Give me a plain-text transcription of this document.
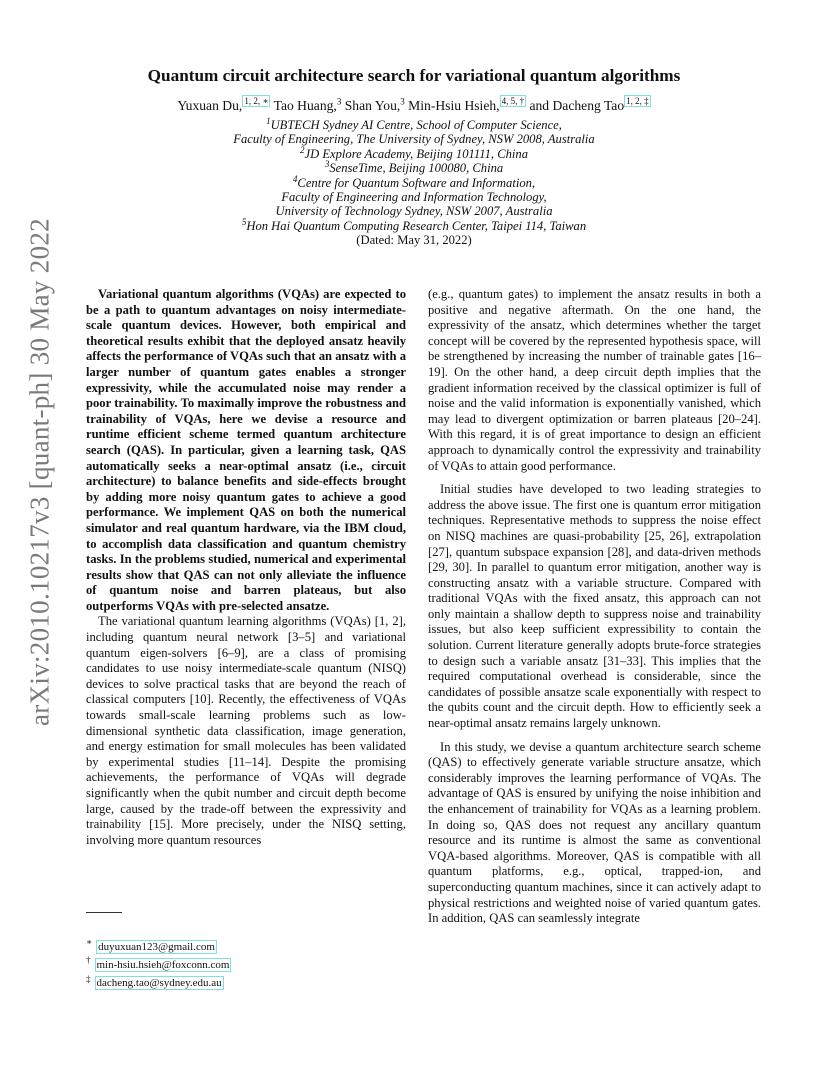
arXiv:2010.10217v3 [quant-ph] 30 May 2022
Quantum circuit architecture search for variational quantum algorithms
Yuxuan Du, $^{1, 2, ∗}$ Tao Huang,$^3$ Shan You,$^3$ Min-Hsiu Hsieh, $^{4, 5, \dagger}$ and Dacheng Tao $^{1, 2, \ddagger}$
$^1$UBTECH Sydney AI Centre, School of Computer Science,
Faculty of Engineering, The University of Sydney, NSW 2008, Australia
$^2$JD Explore Academy, Beijing 101111, China
$^3$SenseTime, Beijing 100080, China
$^4$Centre for Quantum Software and Information,
Faculty of Engineering and Information Technology,
University of Technology Sydney, NSW 2007, Australia
$^5$Hon Hai Quantum Computing Research Center, Taipei 114, Taiwan
(Dated: May 31, 2022)

Variational quantum algorithms (VQAs) are expected to be a path to quantum advantages on noisy intermediate-scale quantum devices. However, both empirical and theoretical results exhibit that the deployed ansatz heavily affects the performance of VQAs such that an ansatz with a larger number of quantum gates enables a stronger expressivity, while the accumulated noise may render a poor trainability. To maximally improve the robustness and trainability of VQAs, here we devise a resource and runtime efficient scheme termed quantum architecture search (QAS). In particular, given a learning task, QAS automatically seeks a near-optimal ansatz (i.e., circuit architecture) to balance benefits and side-effects brought by adding more noisy quantum gates to achieve a good performance. We implement QAS on both the numerical simulator and real quantum hardware, via the IBM cloud, to accomplish data classification and quantum chemistry tasks. In the problems studied, numerical and experimental results show that QAS can not only alleviate the influence of quantum noise and barren plateaus, but also outperforms VQAs with pre-selected ansatze.

The variational quantum learning algorithms (VQAs) [1, 2], including quantum neural network [3–5] and variational quantum eigen-solvers [6–9], are a class of promising candidates to use noisy intermediate-scale quantum (NISQ) devices to solve practical tasks that are beyond the reach of classical computers [10]. Recently, the effectiveness of VQAs towards small-scale learning problems such as low-dimensional synthetic data classification, image generation, and energy estimation for small molecules has been validated by experimental studies [11–14]. Despite the promising achievements, the performance of VQAs will degrade significantly when the qubit number and circuit depth become large, caused by the trade-off between the expressivity and trainability [15]. More precisely, under the NISQ setting, involving more quantum resources

(e.g., quantum gates) to implement the ansatz results in both a positive and negative aftermath. On the one hand, the expressivity of the ansatz, which determines whether the target concept will be covered by the represented hypothesis space, will be strengthened by increasing the number of trainable gates [16–19]. On the other hand, a deep circuit depth implies that the gradient information received by the classical optimizer is full of noise and the valid information is exponentially vanished, which may lead to divergent optimization or barren plateaus [20–24]. With this regard, it is of great importance to design an efficient approach to dynamically control the expressivity and trainability of VQAs to attain good performance.

Initial studies have developed to two leading strategies to address the above issue. The first one is quantum error mitigation techniques. Representative methods to suppress the noise effect on NISQ machines are quasi-probability [25, 26], extrapolation [27], quantum subspace expansion [28], and data-driven methods [29, 30]. In parallel to quantum error mitigation, another way is constructing ansatz with a variable structure. Compared with traditional VQAs with the fixed ansatz, this approach can not only maintain a shallow depth to suppress noise and trainability issues, but also keep sufficient expressibility to contain the solution. Current literature generally adopts brute-force strategies to design such a variable ansatz [31–33]. This implies that the required computational overhead is considerable, since the candidates of possible ansatze scale exponentially with respect to the qubits count and the circuit depth. How to efficiently seek a near-optimal ansatz remains largely unknown.

In this study, we devise a quantum architecture search scheme (QAS) to effectively generate variable structure ansatze, which considerably improves the learning performance of VQAs. The advantage of QAS is ensured by unifying the noise inhibition and the enhancement of trainability for VQAs as a learning problem. In doing so, QAS does not request any ancillary quantum resource and its runtime is almost the same as conventional VQA-based algorithms. Moreover, QAS is compatible with all quantum platforms, e.g., optical, trapped-ion, and superconducting quantum machines, since it can actively adapt to physical restrictions and weighted noise of varied quantum gates. In addition, QAS can seamlessly integrate

∗ duyuxuan123@gmail.com
† min-hsiu.hsieh@foxconn.com
‡ dacheng.tao@sydney.edu.au
